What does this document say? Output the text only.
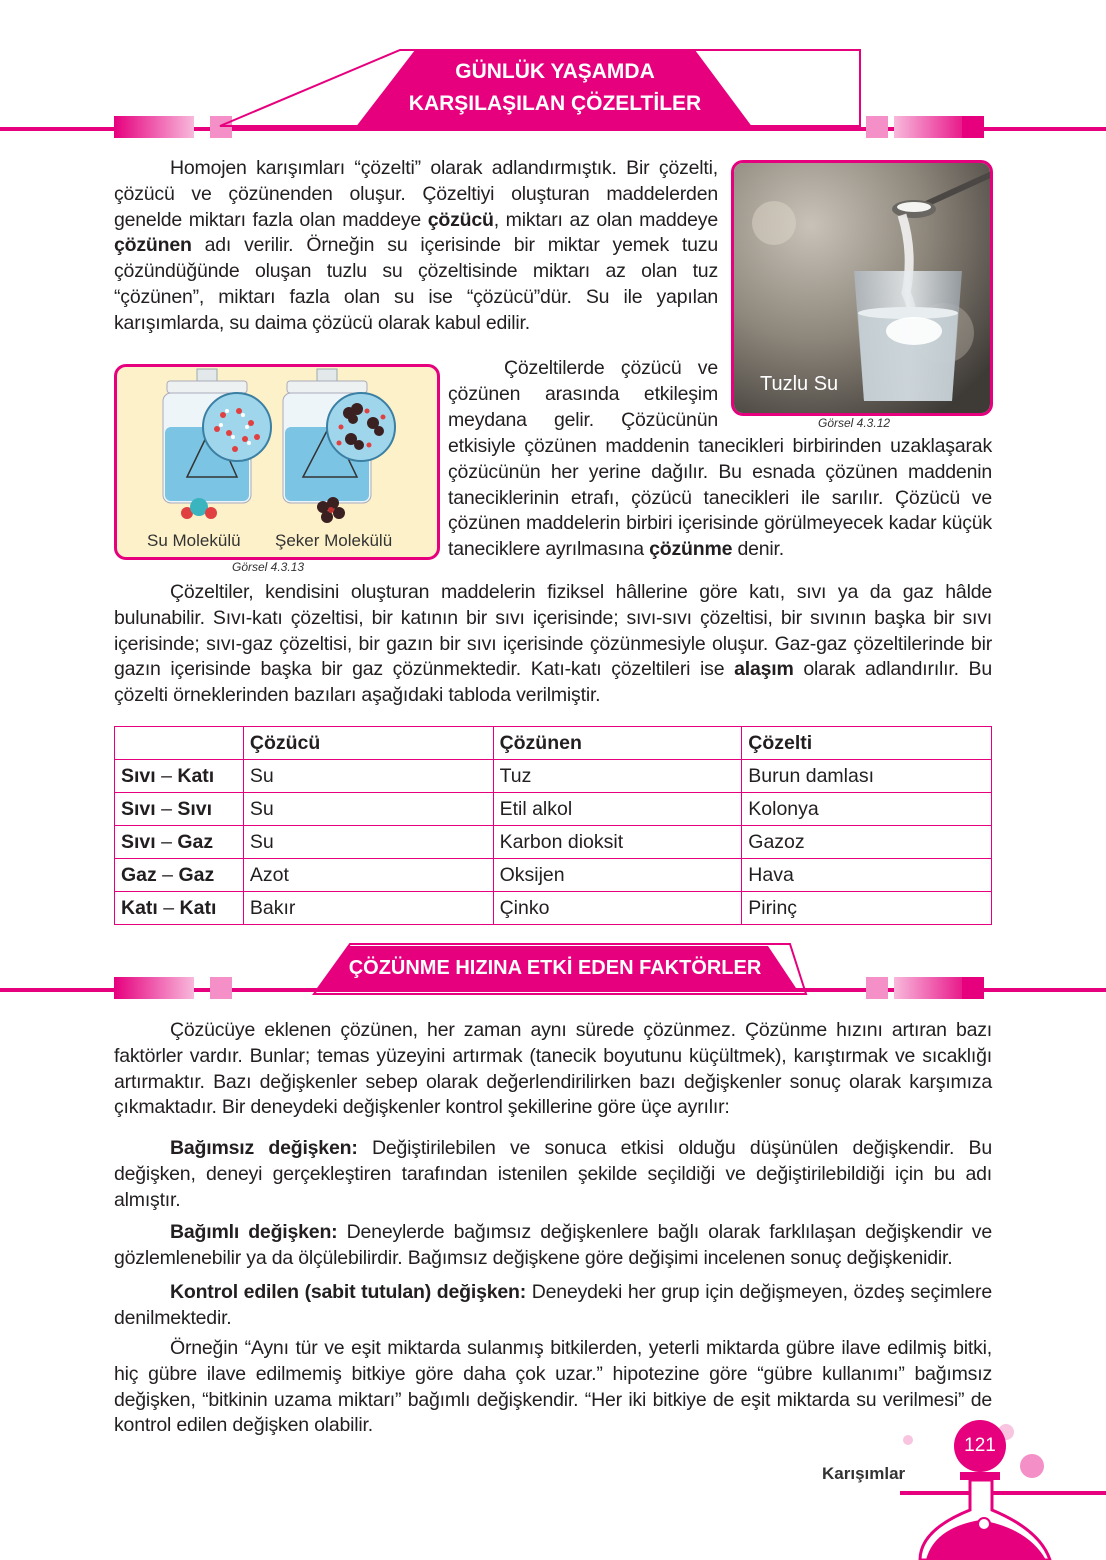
GÜNLÜK YAŞAMDA
KARŞILAŞILAN ÇÖZELTİLER
Tuzlu Su
Görsel 4.3.12
Homojen karışımları “çözelti” olarak adlandırmıştık. Bir çözelti, çözücü ve çözünenden oluşur. Çözeltiyi oluşturan maddelerden genelde miktarı fazla olan maddeye çözücü, miktarı az olan maddeye çözünen adı verilir. Örneğin su içerisinde bir miktar yemek tuzu çözündüğünde oluşan tuzlu su çözeltisinde miktarı az olan tuz “çözünen”, miktarı fazla olan su ise “çözücü”dür. Su ile yapılan karışımlarda, su daima çözücü olarak kabul edilir.
Su Molekülü Şeker Molekülü
Görsel 4.3.13
Çözeltilerde çözücü ve çözünen arasında etkileşim meydana gelir. Çözücünün
etkisiyle çözünen maddenin tanecikleri birbirinden uzaklaşarak çözücünün her yerine dağılır. Bu esnada çözünen maddenin taneciklerinin etrafı, çözücü tanecikleri ile sarılır. Çözücü ve çözünen maddelerin birbiri içerisinde görülmeyecek kadar küçük taneciklere ayrılmasına çözünme denir.
Çözeltiler, kendisini oluşturan maddelerin fiziksel hâllerine göre katı, sıvı ya da gaz hâlde bulunabilir. Sıvı-katı çözeltisi, bir katının bir sıvı içerisinde; sıvı-sıvı çözeltisi, bir sıvının başka bir sıvı içerisinde; sıvı-gaz çözeltisi, bir gazın bir sıvı içerisinde çözünmesiyle oluşur. Gaz-gaz çözeltilerinde bir gazın içerisinde başka bir gaz çözünmektedir. Katı-katı çözeltileri ise alaşım olarak adlandırılır. Bu çözelti örneklerinden bazıları aşağıdaki tabloda verilmiştir.
	Çözücü	Çözünen	Çözelti
Sıvı – Katı	Su	Tuz	Burun damlası
Sıvı – Sıvı	Su	Etil alkol	Kolonya
Sıvı – Gaz	Su	Karbon dioksit	Gazoz
Gaz – Gaz	Azot	Oksijen	Hava
Katı – Katı	Bakır	Çinko	Pirinç
ÇÖZÜNME HIZINA ETKİ EDEN FAKTÖRLER
Çözücüye eklenen çözünen, her zaman aynı sürede çözünmez. Çözünme hızını artıran bazı faktörler vardır. Bunlar; temas yüzeyini artırmak (tanecik boyutunu küçültmek), karıştırmak ve sıcaklığı artırmaktır. Bazı değişkenler sebep olarak değerlendirilirken bazı değişkenler sonuç olarak karşımıza çıkmaktadır. Bir deneydeki değişkenler kontrol şekillerine göre üçe ayrılır:
Bağımsız değişken: Değiştirilebilen ve sonuca etkisi olduğu düşünülen değişkendir. Bu değişken, deneyi gerçekleştiren tarafından istenilen şekilde seçildiği ve değiştirilebildiği için bu adı almıştır.
Bağımlı değişken: Deneylerde bağımsız değişkenlere bağlı olarak farklılaşan değişkendir ve gözlemlenebilir ya da ölçülebilirdir. Bağımsız değişkene göre değişimi incelenen sonuç değişkenidir.
Kontrol edilen (sabit tutulan) değişken: Deneydeki her grup için değişmeyen, özdeş seçimlere denilmektedir.
Örneğin “Aynı tür ve eşit miktarda sulanmış bitkilerden, yeterli miktarda gübre ilave edilmiş bitki, hiç gübre ilave edilmemiş bitkiye göre daha çok uzar.” hipotezine göre “gübre kullanımı” bağımsız değişken, “bitkinin uzama miktarı” bağımlı değişkendir. “Her iki bitkiye de eşit miktarda su verilmesi” de kontrol edilen değişken olabilir.
Karışımlar
121
